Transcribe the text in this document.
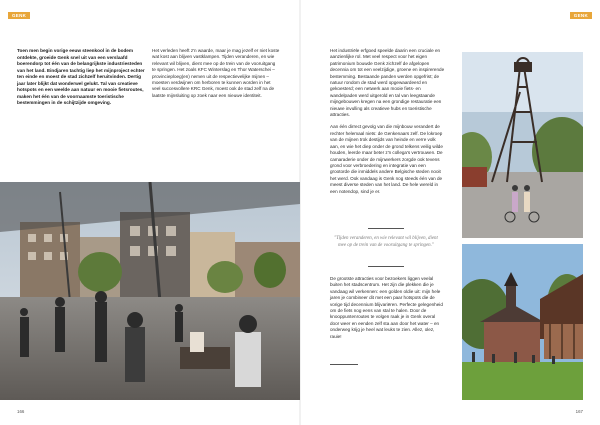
GENK	GENK
Toen men begin vorige eeuw steenkool in de bodem ontdekte, groeide Genk snel uit van een verslaafd boerendorp tot één van de belangrijkste industriesteden van het land. Eindjaren tachtig liep het mijnproject echter ten einde en moest de stad zichzelf heruitvinden. Dertig jaar later blijkt dat wonderwel gelukt. Tal van creatieve hotspots en een weelde aan natuur en mooie fietsroutes, maken het één van de voornaamste toeristische bestemmingen in de schijtzijde omgeving.

Het verleden heeft z'n waarde, maar je mag jezelf er niet koste wat kost aan blijven vastklampen. Tijden veranderen, en wie relevant wil blijven, dient mee op de trein van de vooruitgang te springen. Het zoals KFC Winterslag en Thor Waterschei – provincieploeg(en) nemen uit de respectievelijke mijnen – moesten verdwijnen om herboren te kunnen worden in het veel succesvollere KRC Genk, moest ook de stad zelf na de laatste mijnsluiting op zoek naar een nieuwe identiteit.

Het industriële erfgoed speelde daarin een cruciale en aanzienlijke rol. Met veel respect voor het eigen patrimonium bouwde Genk zichzelf de afgelopen decennia om tot een veelzijdige, groene en inspirerende bestemming. Bestaande panden werden opgefrist; de natuur rondom de stad werd opgewaardeerd en gekoesterd; een netwerk aan mooie fiets- en wandelpaden werd uitgerold en tal van leegstaande mijngebouwen kregen na een grondige restauratie een nieuwe invulling als creatieve hubs en toeristische attracties.

Aan één dirrect gevolg van die mijnbouw verandert de rechter helemaal niets: de Genkenaars zelf. De lokroep van de mijnen trok destijds van heinde en verre volk aan, en wie het diep onder de grond telkens veilig wilde houden, leerde maar beter z'n collega's vertrouwen. De camaraderie onder de mijnwerkers zorgde ook tevens grond voor verbroedering en integratie van een grootorde die inmiddels andere Belgische steden nooit het werd. Ook vandaag is Genk nog steeds één van de meest diverse steden van het land. De hele wereld in een notendop, sind je er.

"Tijden veranderen, en wie relevant wil blijven, dient mee op de trein van de vooruitgang te springen."

De grootste attracties voor bezoekers liggen veelal buiten het stadscentrum. Het zijn die plekken die je vandaag wil verkennen: een golden oldie uit: mijn hele jaren je combineer dit met een paar hotspots die de vorige tijd decennium blijvariëren. Perfecte gelegenheid om de fiets nog eens van stal te halen. Door de knooppuntenroutes te volgen raak je in Genk overal door weer en eenden zelf sta aan door het water – en onderweg krijg je heel wat leuks te zien. Allez, olez, rauie!

166	167
